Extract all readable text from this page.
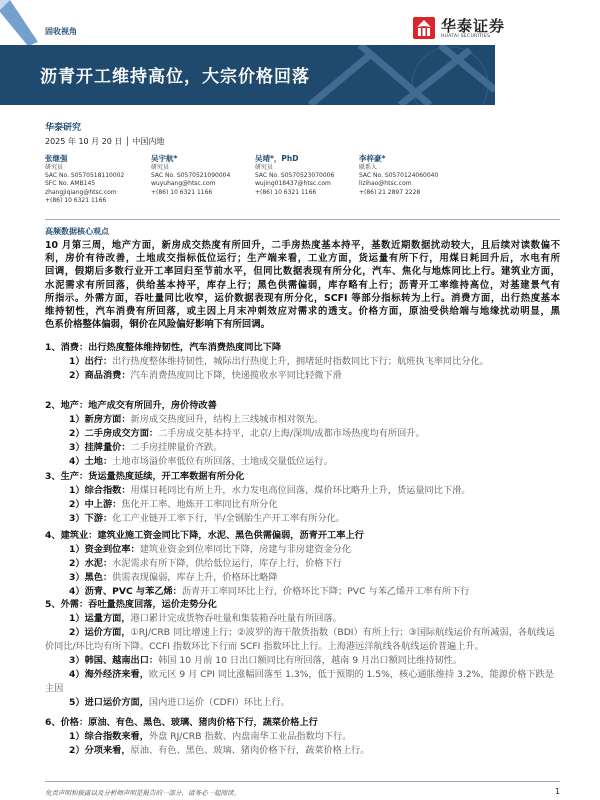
固收视角	华泰证券
HUATAI SECURITIES
沥青开工维持高位，大宗价格回落
华泰研究
2025 年 10 月 20 日 │ 中国内地
张继强
研究员
SAC No. S0570518110002
SFC No. AMB145
zhangjiqiang@htsc.com
+(86) 10 6321 1166
吴宇航*
研究员
SAC No. S0570521090004
wuyuhang@htsc.com
+(86) 10 6321 1166
吴靖*，PhD
研究员
SAC No. S0570523070006
wujing018437@htsc.com
+(86) 10 6321 1166
李梓豪*
联系人
SAC No. S0570124060040
lizihao@htsc.com
+(86) 21 2897 2228
高频数据核心观点
10 月第三周，地产方面，新房成交热度有所回升，二手房热度基本持平，基数近期数据扰动较大，且后续对读数偏不
利，房价有待改善，土地成交指标低位运行；生产端来看，工业方面，货运量有所下行，用煤日耗回升后，水电有所
回调，假期后多数行业开工率回归至节前水平，但同比数据表现有所分化，汽车、焦化与地炼同比上行。建筑业方面，
水泥需求有所回落，供给基本持平，库存上行；黑色供需偏弱，库存略有上行；沥青开工率维持高位，对基建景气有
所指示。外需方面，吞吐量同比收窄，运价数据表现有所分化，SCFI 等部分指标转为上行。消费方面，出行热度基本
维持韧性，汽车消费有所回落，或主因上月末冲刺效应对需求的透支。价格方面，原油受供给端与地缘扰动明显，黑
色系价格整体偏弱，铜价在风险偏好影响下有所回调。
1、消费：出行热度整体维持韧性，汽车消费热度同比下降
1）出行：出行热度整体维持韧性，城际出行热度上升，拥堵延时指数同比下行；航班执飞率同比分化。
2）商品消费：汽车消费热度同比下降，快递揽收水平同比轻微下滑
2、地产：地产成交有所回升，房价待改善
1）新房方面：新房成交热度回升，结构上三线城市相对领先。
2）二手房成交方面：二手房成交基本持平，北京/上海/深圳/成都市场热度均有所回升。
3）挂牌量价：二手房挂牌量价齐跌。
4）土地：土地市场溢价率低位有所回落，土地成交量低位运行。
3、生产：货运量热度延续，开工率数据有所分化
1）综合指数：用煤日耗同比有所上升，水力发电高位回落，煤价环比略升上升，货运量同比下滑。
2）中上游：焦化开工率、地炼开工率同比有所分化
3）下游：化工产业链开工率下行，半/全钢胎生产开工率有所分化。
4、建筑业：建筑业施工资金同比下降，水泥、黑色供需偏弱，沥青开工率上行
1）资金到位率：建筑业资金到位率同比下降，房建与非房建资金分化
2）水泥：水泥需求有所下降，供给低位运行，库存上行，价格下行
3）黑色：供需表现偏弱，库存上升，价格环比略降
4）沥青、PVC 与苯乙烯：沥青开工率同环比上行，价格环比下降；PVC 与苯乙烯开工率有所下行
5、外需：吞吐量热度回落，运价走势分化
1）运量方面，港口累计完成货物吞吐量和集装箱吞吐量有所回落。
2）运价方面，①RJ/CRB 同比增速上行；②波罗的海干散货指数（BDI）有所上行；③国际航线运价有所减弱，各航线运价同比/环比均有所下降。CCFI 指数环比下行而 SCFI 指数环比上行。上海港远洋航线各航线运价普遍上升。
3）韩国、越南出口：韩国 10 月前 10 日出口额同比有所回落，越南 9 月出口额同比维持韧性。
4）海外经济来看，欧元区 9 月 CPI 同比涨幅回落至 1.3%，低于预期的 1.5%，核心通胀维持 3.2%，能源价格下跌是主因
5）进口运价方面，国内进口运价（CDFI）环比上行。
6、价格：原油、有色、黑色、玻璃、猪肉价格下行，蔬菜价格上行
1）综合指数来看，外盘 RJ/CRB 指数、内盘南华工业品指数均下行。
2）分项来看，原油、有色、黑色、玻璃、猪肉价格下行，蔬菜价格上行。
免责声明和披露以及分析师声明是报告的一部分，请务必一起阅读。	1
